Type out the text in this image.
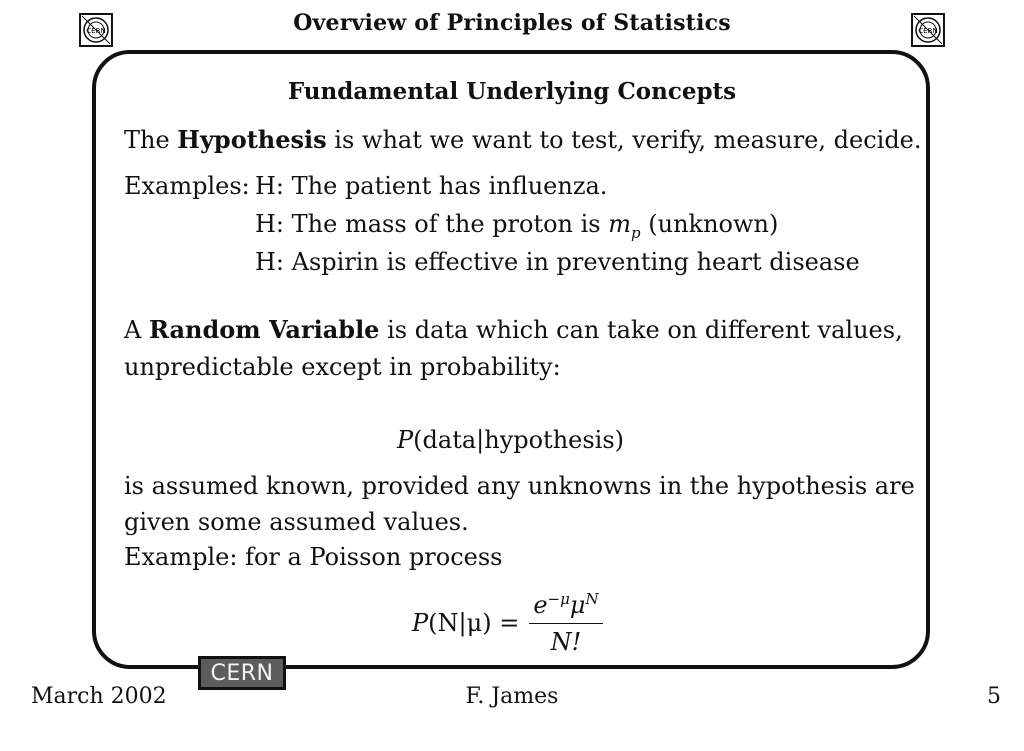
CERN	Overview of Principles of Statistics	CERN
Fundamental Underlying Concepts
The Hypothesis is what we want to test, verify, measure, decide.
Examples: H: The patient has influenza.
H: The mass of the proton is $m_p$ (unknown)
H: Aspirin is effective in preventing heart disease
A Random Variable is data which can take on different values,
unpredictable except in probability:
P(data|hypothesis)
is assumed known, provided any unknowns in the hypothesis are
given some assumed values.
Example: for a Poisson process
$P(N|\mu) = \frac{e^{-\mu}\mu^N}{N!}$
CERN
March 2002	F. James	5
